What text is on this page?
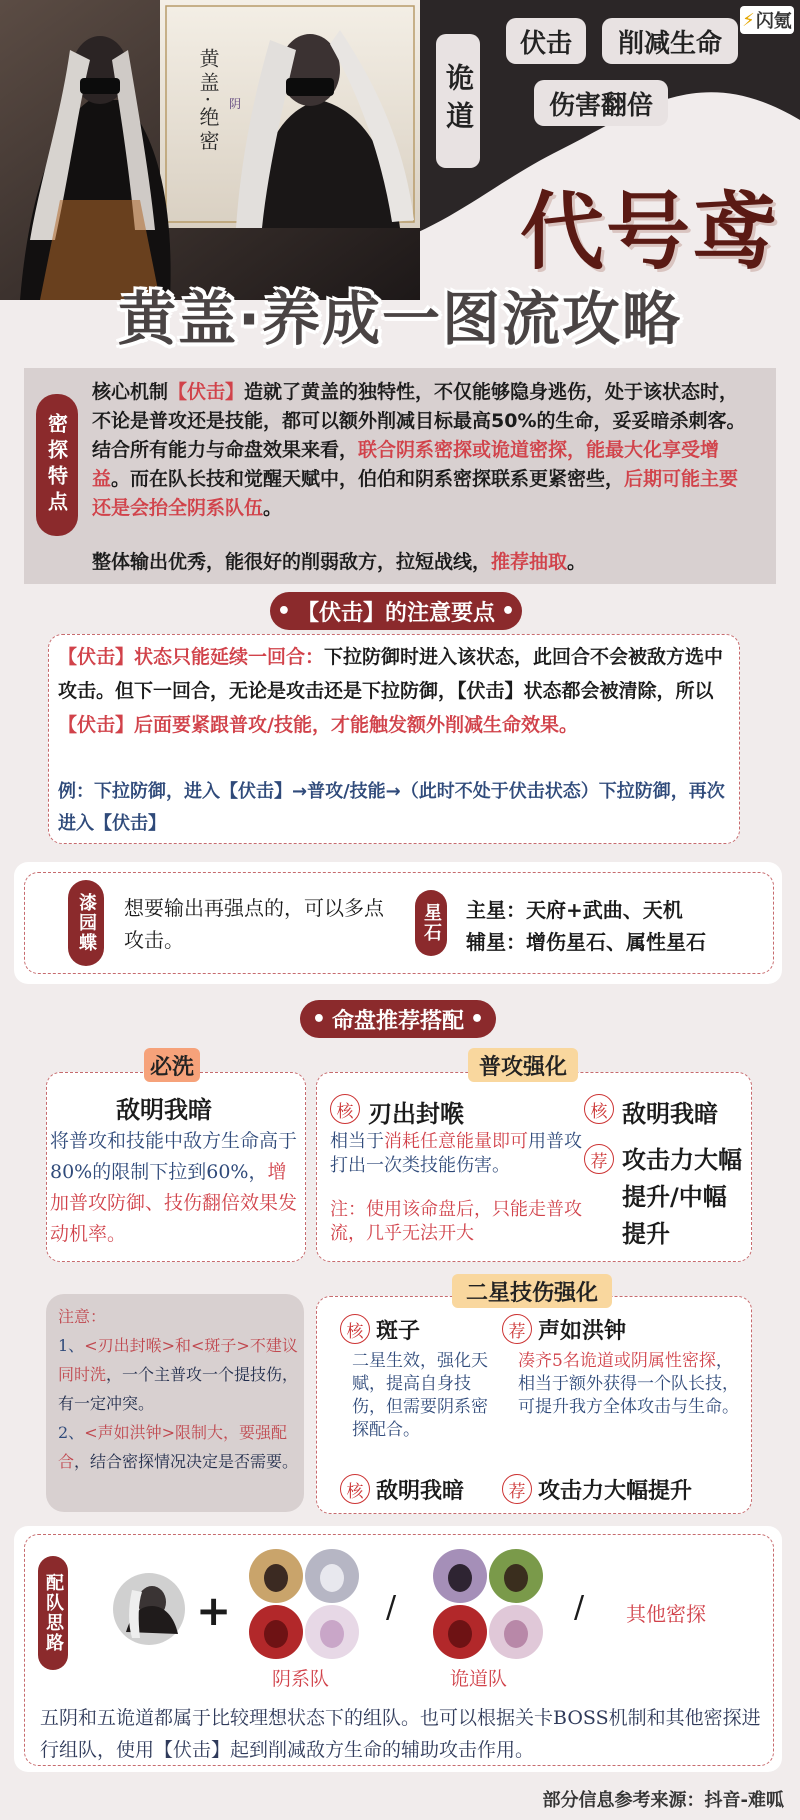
黄盖·绝密 阴	诡道
伏击	削减生命
伤害翻倍
⚡ 闪氪
代号鸢
黄盖·养成一图流攻略
密探特点
核心机制【伏击】造就了黄盖的独特性，不仅能够隐身逃伤，处于该状态时，不论是普攻还是技能，都可以额外削减目标最高50%的生命，妥妥暗杀刺客。结合所有能力与命盘效果来看，联合阴系密探或诡道密探，能最大化享受增益。而在队长技和觉醒天赋中，伯伯和阴系密探联系更紧密些，后期可能主要还是会抬全阴系队伍。
整体输出优秀，能很好的削弱敌方，拉短战线，推荐抽取。
• 【伏击】的注意要点 •
【伏击】状态只能延续一回合：下拉防御时进入该状态，此回合不会被敌方选中攻击。但下一回合，无论是攻击还是下拉防御，【伏击】状态都会被清除，所以【伏击】后面要紧跟普攻/技能，才能触发额外削减生命效果。
例：下拉防御，进入【伏击】→普攻/技能→（此时不处于伏击状态）下拉防御，再次进入【伏击】
漆园蝶	想要输出再强点的，可以多点攻击。	星石 主星：天府+武曲、天机
辅星：增伤星石、属性星石
• 命盘推荐搭配 •
必洗
敌明我暗
将普攻和技能中敌方生命高于80%的限制下拉到60%，增加普攻防御、技伤翻倍效果发动机率。
普攻强化
核 刃出封喉
相当于消耗任意能量即可用普攻打出一次类技能伤害。
注：使用该命盘后，只能走普攻流，几乎无法开大
核 敌明我暗
荐 攻击力大幅提升/中幅提升
注意：
1、<刃出封喉>和<斑子>不建议同时洗，一个主普攻一个提技伤，有一定冲突。
2、<声如洪钟>限制大，要强配合，结合密探情况决定是否需要。
二星技伤强化
核 斑子
二星生效，强化天赋，提高自身技伤，但需要阴系密探配合。
荐 声如洪钟
凑齐5名诡道或阴属性密探，相当于额外获得一个队长技，可提升我方全体攻击与生命。
核 敌明我暗	荐 攻击力大幅提升
配队思路	+
阴系队
/
诡道队
/ 其他密探
五阴和五诡道都属于比较理想状态下的组队。也可以根据关卡BOSS机制和其他密探进行组队，使用【伏击】起到削减敌方生命的辅助攻击作用。
部分信息参考来源：抖音-难呱
